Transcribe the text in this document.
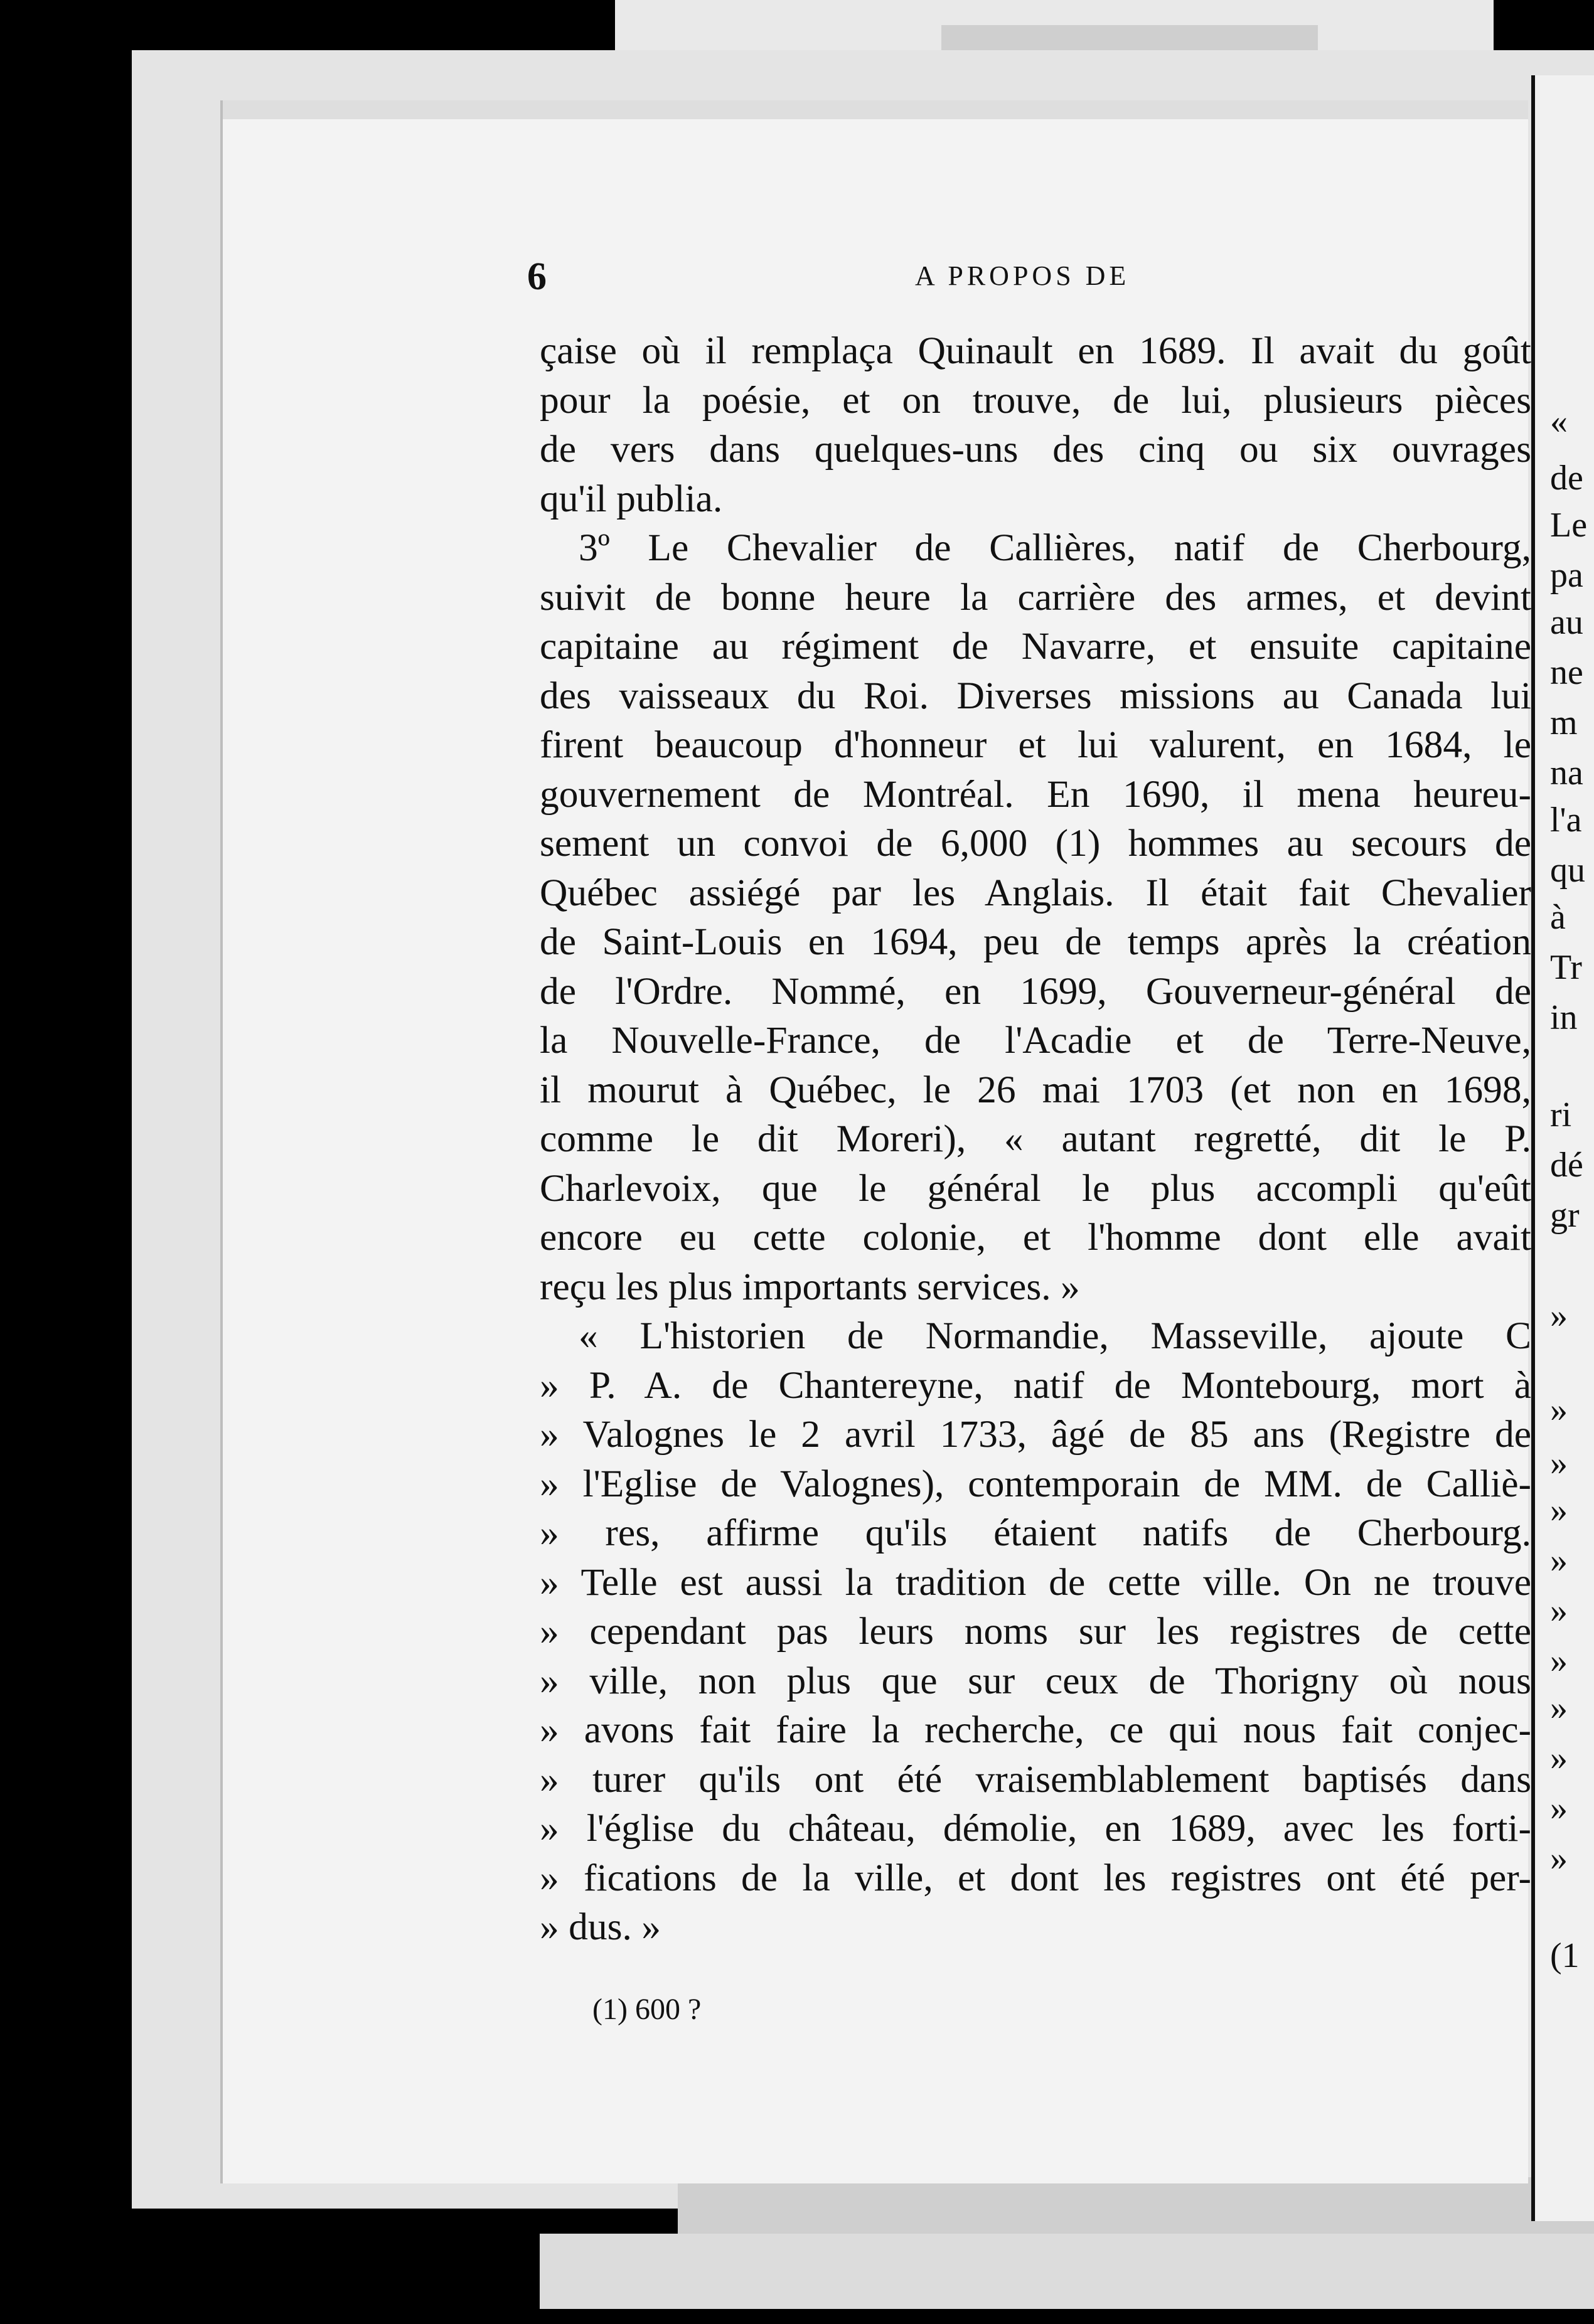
6	A PROPOS DE
çaise où il remplaça Quinault en 1689. Il avait du goût
pour la poésie, et on trouve, de lui, plusieurs pièces
de vers dans quelques-uns des cinq ou six ouvrages
qu'il publia.
3º Le Chevalier de Callières, natif de Cherbourg,
suivit de bonne heure la carrière des armes, et devint
capitaine au régiment de Navarre, et ensuite capitaine
des vaisseaux du Roi. Diverses missions au Canada lui
firent beaucoup d'honneur et lui valurent, en 1684, le
gouvernement de Montréal. En 1690, il mena heureu-
sement un convoi de 6,000 (1) hommes au secours de
Québec assiégé par les Anglais. Il était fait Chevalier
de Saint-Louis en 1694, peu de temps après la création
de l'Ordre. Nommé, en 1699, Gouverneur-général de
la Nouvelle-France, de l'Acadie et de Terre-Neuve,
il mourut à Québec, le 26 mai 1703 (et non en 1698,
comme le dit Moreri), « autant regretté, dit le P.
Charlevoix, que le général le plus accompli qu'eût
encore eu cette colonie, et l'homme dont elle avait
reçu les plus importants services. »
« L'historien de Normandie, Masseville, ajoute C
» P. A. de Chantereyne, natif de Montebourg, mort à
» Valognes le 2 avril 1733, âgé de 85 ans (Registre de
» l'Eglise de Valognes), contemporain de MM. de Calliè-
» res, affirme qu'ils étaient natifs de Cherbourg.
» Telle est aussi la tradition de cette ville. On ne trouve
» cependant pas leurs noms sur les registres de cette
» ville, non plus que sur ceux de Thorigny où nous
» avons fait faire la recherche, ce qui nous fait conjec-
» turer qu'ils ont été vraisemblablement baptisés dans
» l'église du château, démolie, en 1689, avec les forti-
» fications de la ville, et dont les registres ont été per-
» dus. »
(1) 600 ?
«
de
Le
pa
au
ne
m
na
l'a
qu
à
Tr
in
ri
dé
gr
»
»
»
»
»
»
»
»
»
»
»
(1
